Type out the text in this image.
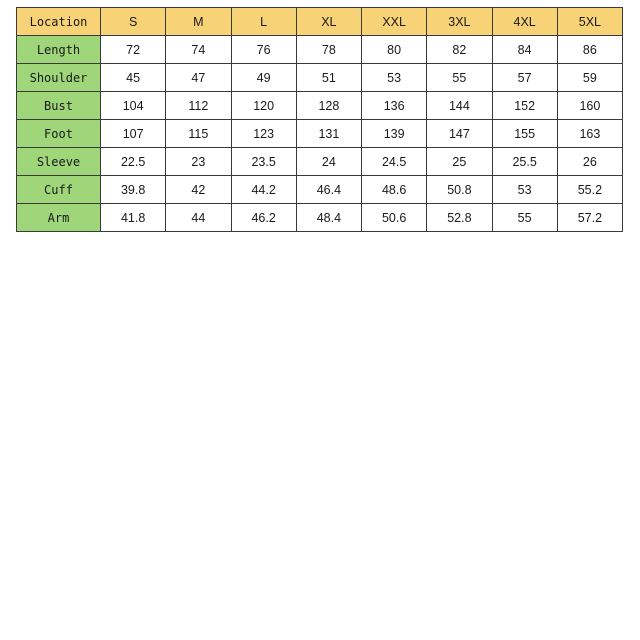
Location	S	M	L	XL	XXL	3XL	4XL	5XL
Length	72	74	76	78	80	82	84	86
Shoulder	45	47	49	51	53	55	57	59
Bust	104	112	120	128	136	144	152	160
Foot	107	115	123	131	139	147	155	163
Sleeve	22.5	23	23.5	24	24.5	25	25.5	26
Cuff	39.8	42	44.2	46.4	48.6	50.8	53	55.2
Arm	41.8	44	46.2	48.4	50.6	52.8	55	57.2
